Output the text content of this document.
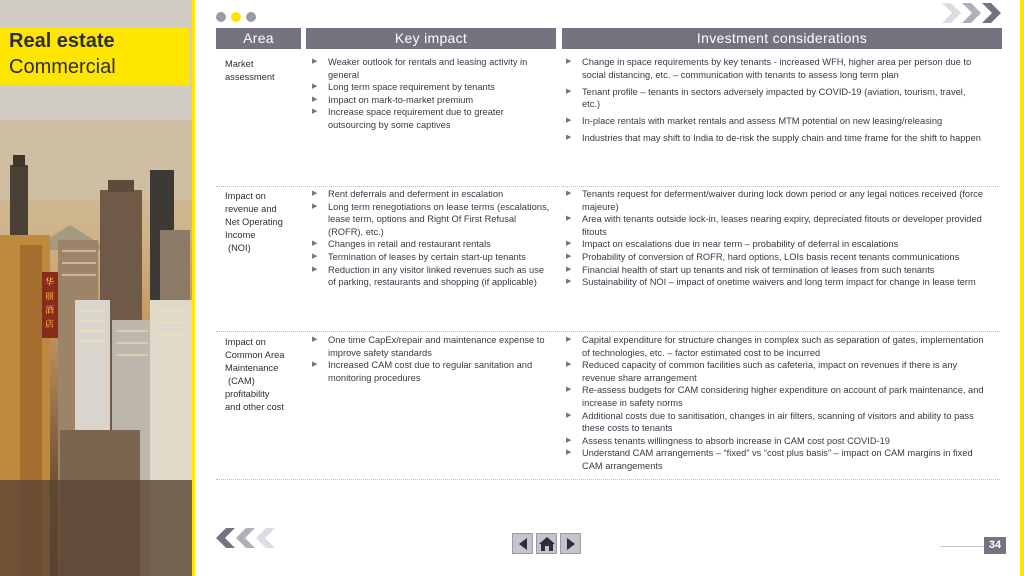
华 丽 酒 店
Real estate
Commercial
Area	Key impact	Investment considerations
Market
assessment
▶ Weaker outlook for rentals and leasing activity in general
▶ Long term space requirement by tenants
▶ Impact on mark-to-market premium
▶ Increase space requirement due to greater outsourcing by some captives
▶ Change in space requirements by key tenants - increased WFH, higher area per person due to social distancing, etc. – communication with tenants to assess long term plan
▶ Tenant profile – tenants in sectors adversely impacted by COVID-19 (aviation, tourism, travel, etc.)
▶ In-place rentals with market rentals and assess MTM potential on new leasing/releasing
▶ Industries that may shift to India to de-risk the supply chain and time frame for the shift to happen
Impact on
revenue and
Net Operating
Income
(NOI)
▶ Rent deferrals and deferment in escalation
▶ Long term renegotiations on lease terms (escalations, lease term, options and Right Of First Refusal (ROFR), etc.)
▶ Changes in retail and restaurant rentals
▶ Termination of leases by certain start-up tenants
▶ Reduction in any visitor linked revenues such as use of parking, restaurants and shopping (if applicable)
▶ Tenants request for deferment/waiver during lock down period or any legal notices received (force majeure)
▶ Area with tenants outside lock-in, leases nearing expiry, depreciated fitouts or developer provided fitouts
▶ Impact on escalations due in near term – probability of deferral in escalations
▶ Probability of conversion of ROFR, hard options, LOIs basis recent tenants communications
▶ Financial health of start up tenants and risk of termination of leases from such tenants
▶ Sustainability of NOI – impact of onetime waivers and long term impact for change in lease term
Impact on
Common Area
Maintenance
(CAM)
profitability
and other cost
▶ One time CapEx/repair and maintenance expense to improve safety standards
▶ Increased CAM cost due to regular sanitation and monitoring procedures
▶ Capital expenditure for structure changes in complex such as separation of gates, implementation of technologies, etc. – factor estimated cost to be incurred
▶ Reduced capacity of common facilities such as cafeteria, impact on revenues if there is any revenue share arrangement
▶ Re-assess budgets for CAM considering higher expenditure on account of park maintenance, and increase in safety norms
▶ Additional costs due to sanitisation, changes in air filters, scanning of visitors and ability to pass these costs to tenants
▶ Assess tenants willingness to absorb increase in CAM cost post COVID-19
▶ Understand CAM arrangements – “fixed” vs “cost plus basis” – impact on CAM margins in fixed CAM arrangements
34
